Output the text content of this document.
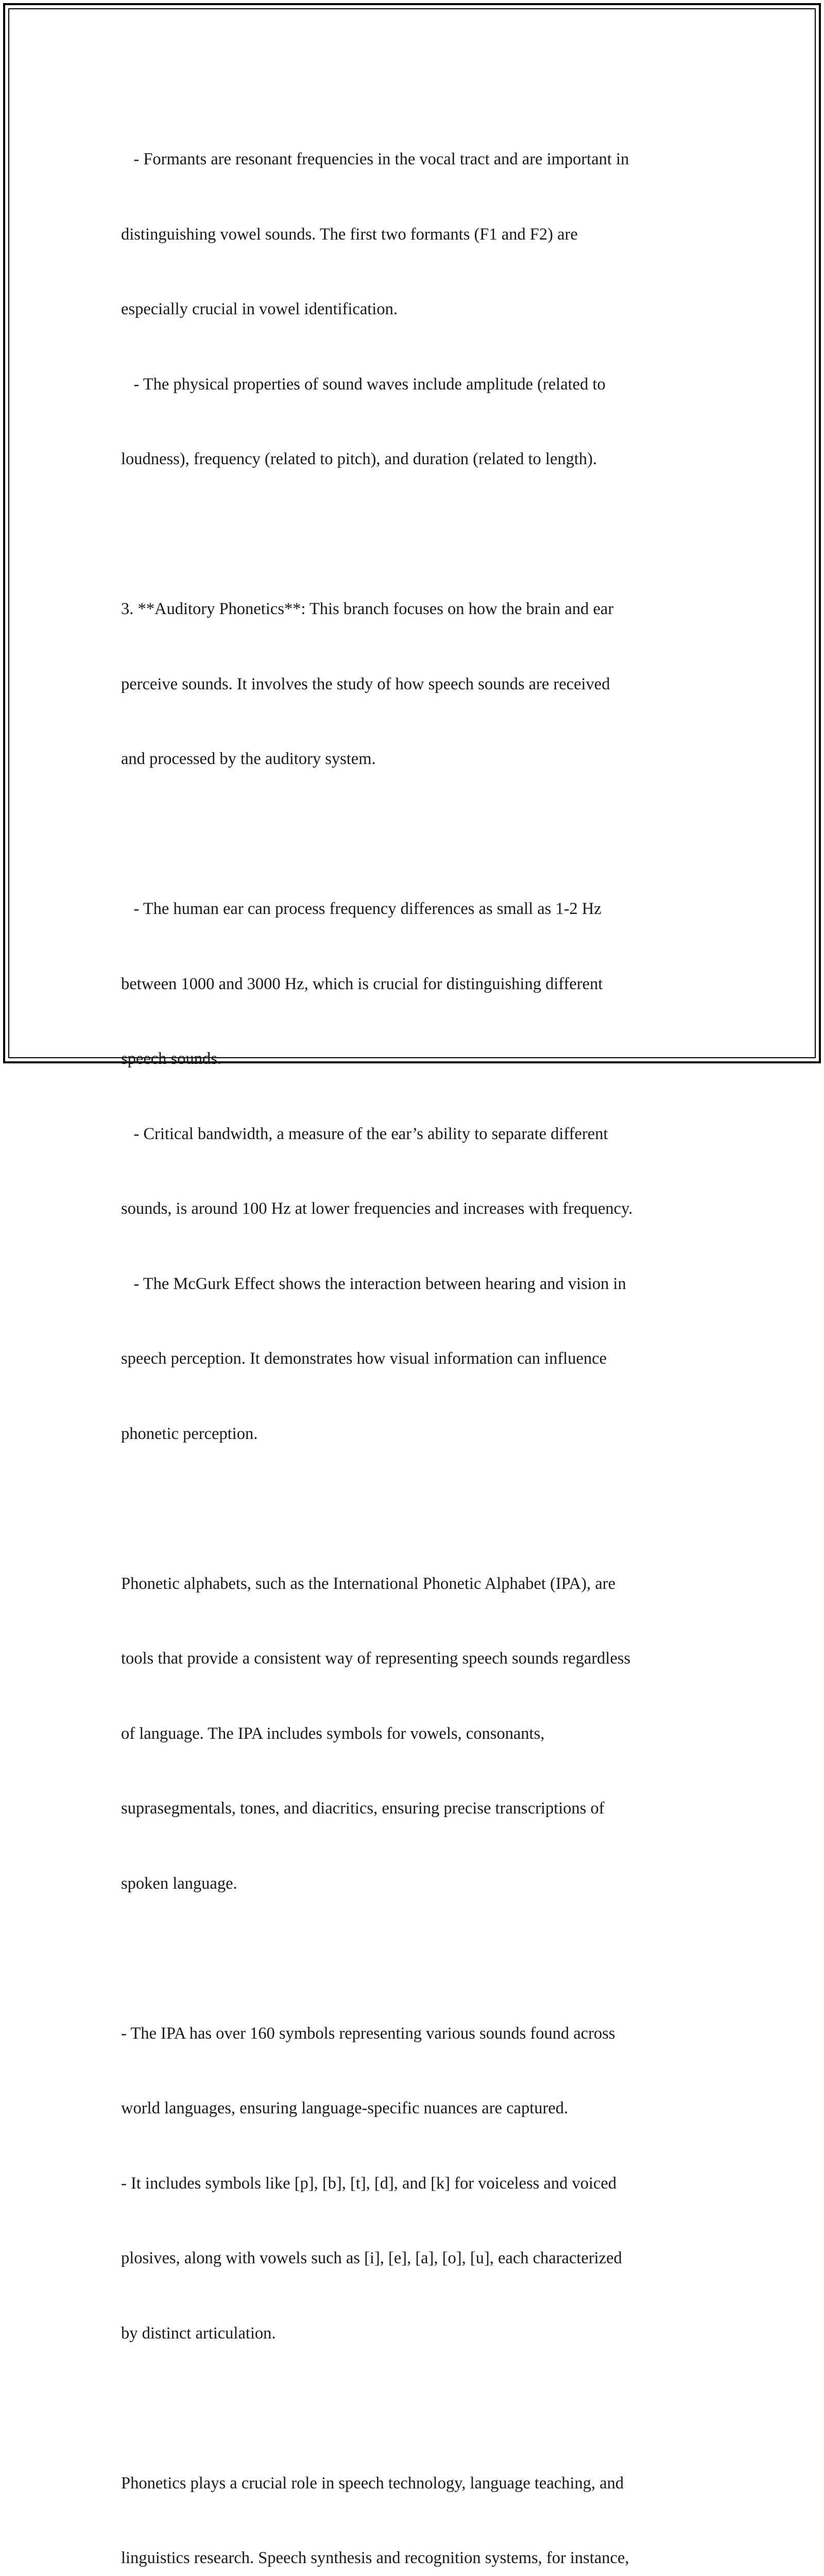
- Formants are resonant frequencies in the vocal tract and are important in

distinguishing vowel sounds. The first two formants (F1 and F2) are

especially crucial in vowel identification.

- The physical properties of sound waves include amplitude (related to

loudness), frequency (related to pitch), and duration (related to length).

3. **Auditory Phonetics**: This branch focuses on how the brain and ear

perceive sounds. It involves the study of how speech sounds are received

and processed by the auditory system.

- The human ear can process frequency differences as small as 1-2 Hz

between 1000 and 3000 Hz, which is crucial for distinguishing different

speech sounds.

- Critical bandwidth, a measure of the ear’s ability to separate different

sounds, is around 100 Hz at lower frequencies and increases with frequency.

- The McGurk Effect shows the interaction between hearing and vision in

speech perception. It demonstrates how visual information can influence

phonetic perception.

Phonetic alphabets, such as the International Phonetic Alphabet (IPA), are

tools that provide a consistent way of representing speech sounds regardless

of language. The IPA includes symbols for vowels, consonants,

suprasegmentals, tones, and diacritics, ensuring precise transcriptions of

spoken language.

- The IPA has over 160 symbols representing various sounds found across

world languages, ensuring language-specific nuances are captured.

- It includes symbols like [p], [b], [t], [d], and [k] for voiceless and voiced

plosives, along with vowels such as [i], [e], [a], [o], [u], each characterized

by distinct articulation.

Phonetics plays a crucial role in speech technology, language teaching, and

linguistics research. Speech synthesis and recognition systems, for instance,
